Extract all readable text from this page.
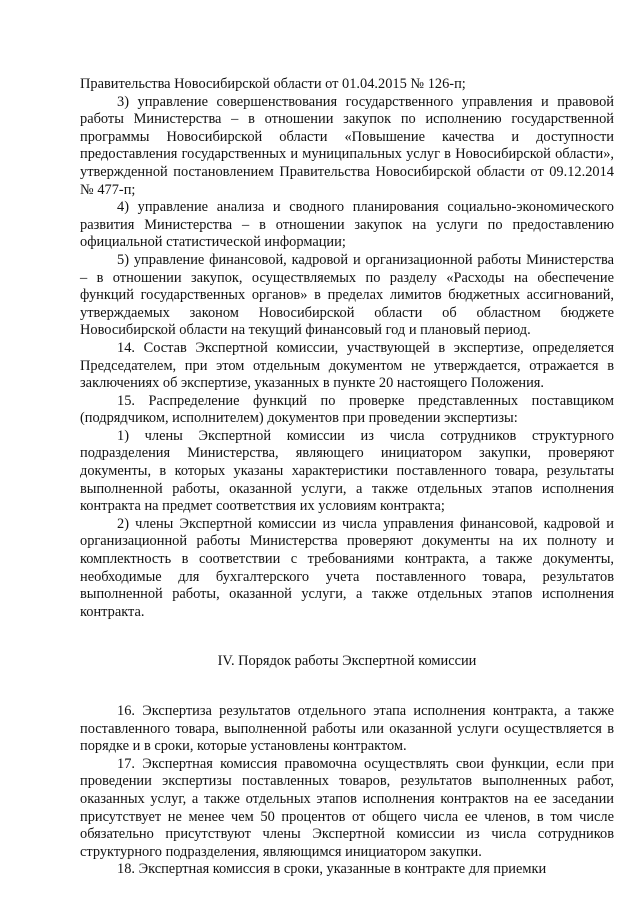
Правительства Новосибирской области от 01.04.2015 № 126-п;

3) управление совершенствования государственного управления и правовой работы Министерства – в отношении закупок по исполнению государственной программы Новосибирской области «Повышение качества и доступности предоставления государственных и муниципальных услуг в Новосибирской области», утвержденной постановлением Правительства Новосибирской области от 09.12.2014 № 477-п;

4) управление анализа и сводного планирования социально-экономического развития Министерства – в отношении закупок на услуги по предоставлению официальной статистической информации;

5) управление финансовой, кадровой и организационной работы Министерства – в отношении закупок, осуществляемых по разделу «Расходы на обеспечение функций государственных органов» в пределах лимитов бюджетных ассигнований, утверждаемых законом Новосибирской области об областном бюджете Новосибирской области на текущий финансовый год и плановый период.

14. Состав Экспертной комиссии, участвующей в экспертизе, определяется Председателем, при этом отдельным документом не утверждается, отражается в заключениях об экспертизе, указанных в пункте 20 настоящего Положения.

15. Распределение функций по проверке представленных поставщиком (подрядчиком, исполнителем) документов при проведении экспертизы:

1) члены Экспертной комиссии из числа сотрудников структурного подразделения Министерства, являющего инициатором закупки, проверяют документы, в которых указаны характеристики поставленного товара, результаты выполненной работы, оказанной услуги, а также отдельных этапов исполнения контракта на предмет соответствия их условиям контракта;

2) члены Экспертной комиссии из числа управления финансовой, кадровой и организационной работы Министерства проверяют документы на их полноту и комплектность в соответствии с требованиями контракта, а также документы, необходимые для бухгалтерского учета поставленного товара, результатов выполненной работы, оказанной услуги, а также отдельных этапов исполнения контракта.

IV. Порядок работы Экспертной комиссии

16. Экспертиза результатов отдельного этапа исполнения контракта, а также поставленного товара, выполненной работы или оказанной услуги осуществляется в порядке и в сроки, которые установлены контрактом.

17. Экспертная комиссия правомочна осуществлять свои функции, если при проведении экспертизы поставленных товаров, результатов выполненных работ, оказанных услуг, а также отдельных этапов исполнения контрактов на ее заседании присутствует не менее чем 50 процентов от общего числа ее членов, в том числе обязательно присутствуют члены Экспертной комиссии из числа сотрудников структурного подразделения, являющимся инициатором закупки.

18. Экспертная комиссия в сроки, указанные в контракте для приемки
